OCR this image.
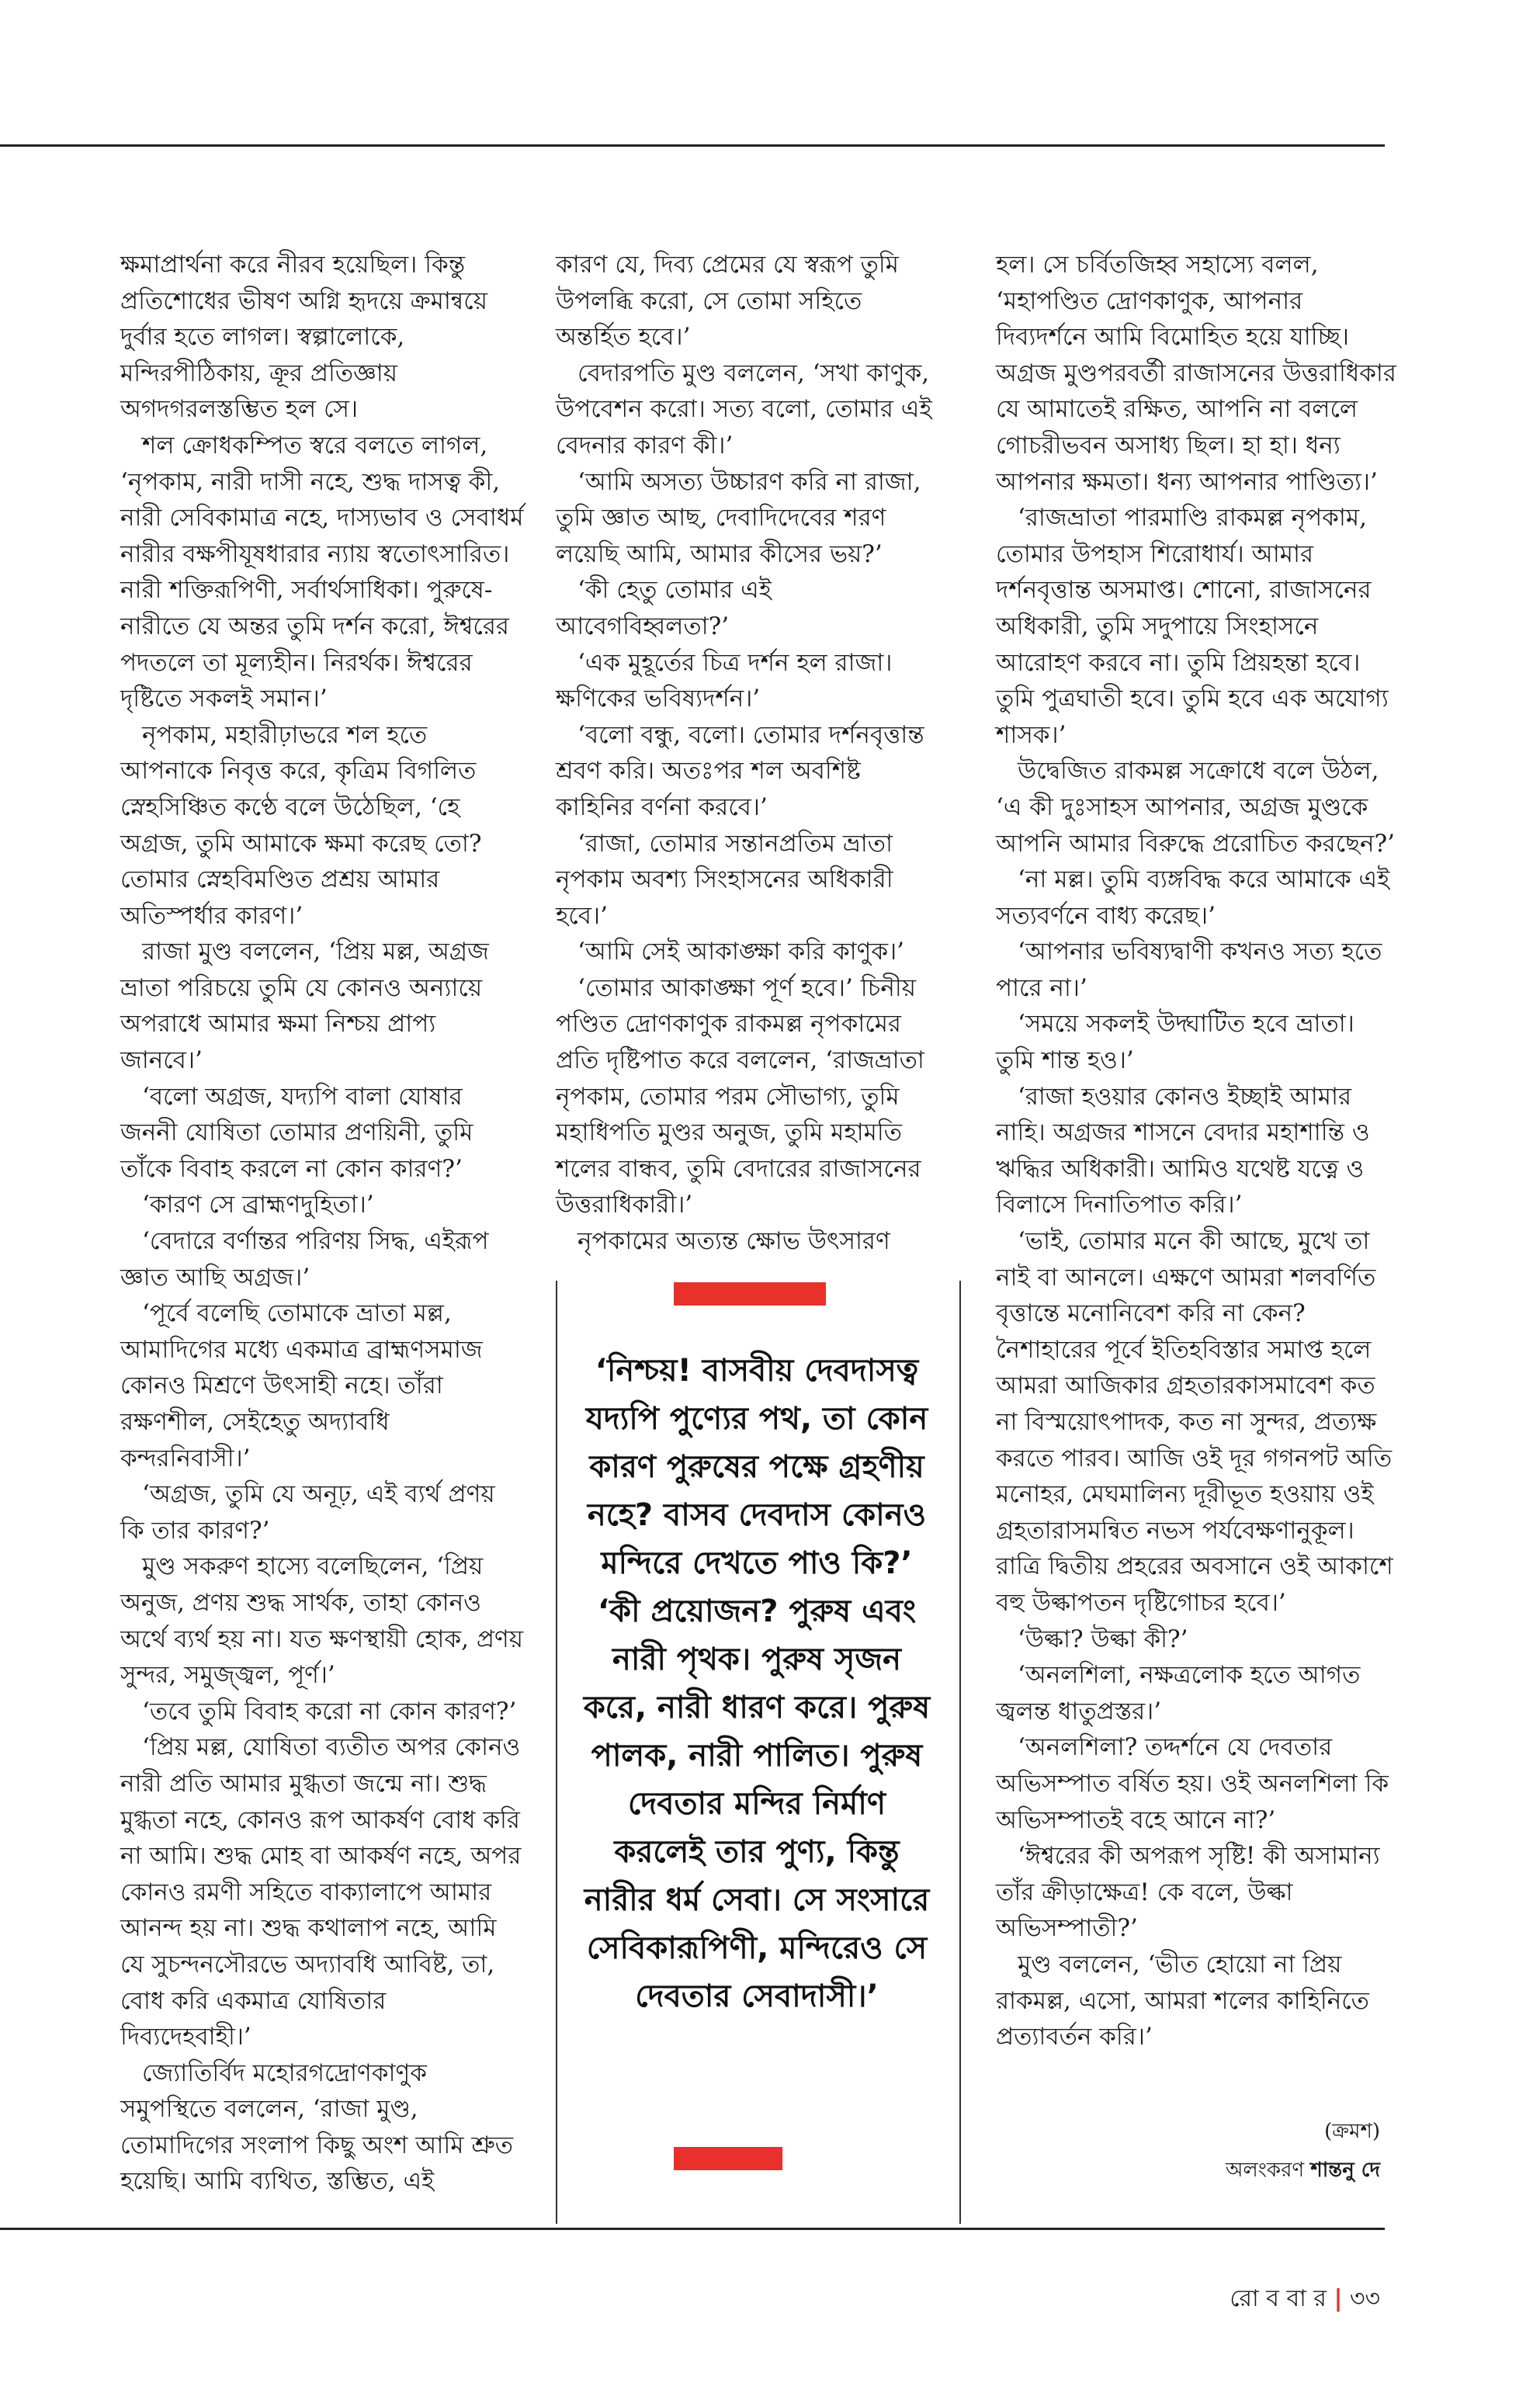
ক্ষমাপ্রার্থনা করে নীরব হয়েছিল। কিন্তু প্রতিশোধের ভীষণ অগ্নি হৃদয়ে ক্রমান্বয়ে দুর্বার হতে লাগল। স্বল্পালোকে, মন্দিরপীঠিকায়, ক্রূর প্রতিজ্ঞায় অগদগরলস্তম্ভিত হল সে।

শল ক্রোধকম্পিত স্বরে বলতে লাগল, ‘নৃপকাম, নারী দাসী নহে, শুদ্ধ দাসত্ব কী, নারী সেবিকামাত্র নহে, দাস্যভাব ও সেবাধর্ম নারীর বক্ষপীযূষধারার ন্যায় স্বতোৎসারিত। নারী শক্তিরূপিণী, সর্বার্থসাধিকা। পুরুষে-নারীতে যে অন্তর তুমি দর্শন করো, ঈশ্বরের পদতলে তা মূল্যহীন। নিরর্থক। ঈশ্বরের দৃষ্টিতে সকলই সমান।’

নৃপকাম, মহারীঢ়াভরে শল হতে আপনাকে নিবৃত্ত করে, কৃত্রিম বিগলিত স্নেহসিঞ্চিত কণ্ঠে বলে উঠেছিল, ‘হে অগ্রজ, তুমি আমাকে ক্ষমা করেছ তো? তোমার স্নেহবিমণ্ডিত প্রশ্রয় আমার অতিস্পর্ধার কারণ।’

রাজা মুণ্ড বললেন, ‘প্রিয় মল্ল, অগ্রজ ভ্রাতা পরিচয়ে তুমি যে কোনও অন্যায়ে অপরাধে আমার ক্ষমা নিশ্চয় প্রাপ্য জানবে।’

‘বলো অগ্রজ, যদ্যপি বালা যোষার জননী যোষিতা তোমার প্রণয়িনী, তুমি তাঁকে বিবাহ করলে না কোন কারণ?’

‘কারণ সে ব্রাহ্মণদুহিতা।’

‘বেদারে বর্ণান্তর পরিণয় সিদ্ধ, এইরূপ জ্ঞাত আছি অগ্রজ।’

‘পূর্বে বলেছি তোমাকে ভ্রাতা মল্ল, আমাদিগের মধ্যে একমাত্র ব্রাহ্মণসমাজ কোনও মিশ্রণে উৎসাহী নহে। তাঁরা রক্ষণশীল, সেইহেতু অদ্যাবধি কন্দরনিবাসী।’

‘অগ্রজ, তুমি যে অনূঢ়, এই ব্যর্থ প্রণয় কি তার কারণ?’

মুণ্ড সকরুণ হাস্যে বলেছিলেন, ‘প্রিয় অনুজ, প্রণয় শুদ্ধ সার্থক, তাহা কোনও অর্থে ব্যর্থ হয় না। যত ক্ষণস্থায়ী হোক, প্রণয় সুন্দর, সমুজ্জ্বল, পূর্ণ।’

‘তবে তুমি বিবাহ করো না কোন কারণ?’

‘প্রিয় মল্ল, যোষিতা ব্যতীত অপর কোনও নারী প্রতি আমার মুগ্ধতা জন্মে না। শুদ্ধ মুগ্ধতা নহে, কোনও রূপ আকর্ষণ বোধ করি না আমি। শুদ্ধ মোহ বা আকর্ষণ নহে, অপর কোনও রমণী সহিতে বাক্যালাপে আমার আনন্দ হয় না। শুদ্ধ কথালাপ নহে, আমি যে সুচন্দনসৌরভে অদ্যাবধি আবিষ্ট, তা, বোধ করি একমাত্র যোষিতার দিব্যদেহবাহী।’

জ্যোতির্বিদ মহোরগদ্রোণকাণুক সমুপস্থিতে বললেন, ‘রাজা মুণ্ড, তোমাদিগের সংলাপ কিছু অংশ আমি শ্রুত হয়েছি। আমি ব্যথিত, স্তম্ভিত, এই

কারণ যে, দিব্য প্রেমের যে স্বরূপ তুমি উপলব্ধি করো, সে তোমা সহিতে অন্তর্হিত হবে।’

বেদারপতি মুণ্ড বললেন, ‘সখা কাণুক, উপবেশন করো। সত্য বলো, তোমার এই বেদনার কারণ কী।’

‘আমি অসত্য উচ্চারণ করি না রাজা, তুমি জ্ঞাত আছ, দেবাদিদেবের শরণ লয়েছি আমি, আমার কীসের ভয়?’

‘কী হেতু তোমার এই আবেগবিহ্বলতা?’

‘এক মুহূর্তের চিত্র দর্শন হল রাজা। ক্ষণিকের ভবিষ্যদর্শন।’

‘বলো বন্ধু, বলো। তোমার দর্শনবৃত্তান্ত শ্রবণ করি। অতঃপর শল অবশিষ্ট কাহিনির বর্ণনা করবে।’

‘রাজা, তোমার সন্তানপ্রতিম ভ্রাতা নৃপকাম অবশ্য সিংহাসনের অধিকারী হবে।’

‘আমি সেই আকাঙ্ক্ষা করি কাণুক।’

‘তোমার আকাঙ্ক্ষা পূর্ণ হবে।’ চিনীয় পণ্ডিত দ্রোণকাণুক রাকমল্ল নৃপকামের প্রতি দৃষ্টিপাত করে বললেন, ‘রাজভ্রাতা নৃপকাম, তোমার পরম সৌভাগ্য, তুমি মহাধিপতি মুণ্ডর অনুজ, তুমি মহামতি শলের বান্ধব, তুমি বেদারের রাজাসনের উত্তরাধিকারী।’

নৃপকামের অত্যন্ত ক্ষোভ উৎসারণ

হল। সে চর্বিতজিহ্ব সহাস্যে বলল, ‘মহাপণ্ডিত দ্রোণকাণুক, আপনার দিব্যদর্শনে আমি বিমোহিত হয়ে যাচ্ছি। অগ্রজ মুণ্ডপরবর্তী রাজাসনের উত্তরাধিকার যে আমাতেই রক্ষিত, আপনি না বললে গোচরীভবন অসাধ্য ছিল। হা হা। ধন্য আপনার ক্ষমতা। ধন্য আপনার পাণ্ডিত্য।’

‘রাজভ্রাতা পারমাণ্ডি রাকমল্ল নৃপকাম, তোমার উপহাস শিরোধার্য। আমার দর্শনবৃত্তান্ত অসমাপ্ত। শোনো, রাজাসনের অধিকারী, তুমি সদুপায়ে সিংহাসনে আরোহণ করবে না। তুমি প্রিয়হন্তা হবে। তুমি পুত্রঘাতী হবে। তুমি হবে এক অযোগ্য শাসক।’

উদ্বেজিত রাকমল্ল সক্রোধে বলে উঠল, ‘এ কী দুঃসাহস আপনার, অগ্রজ মুণ্ডকে আপনি আমার বিরুদ্ধে প্ররোচিত করছেন?’

‘না মল্ল। তুমি ব্যঙ্গবিদ্ধ করে আমাকে এই সত্যবর্ণনে বাধ্য করেছ।’

‘আপনার ভবিষ্যদ্বাণী কখনও সত্য হতে পারে না।’

‘সময়ে সকলই উদ্ঘাটিত হবে ভ্রাতা। তুমি শান্ত হও।’

‘রাজা হওয়ার কোনও ইচ্ছাই আমার নাহি। অগ্রজর শাসনে বেদার মহাশান্তি ও ঋদ্ধির অধিকারী। আমিও যথেষ্ট যত্নে ও বিলাসে দিনাতিপাত করি।’

‘ভাই, তোমার মনে কী আছে, মুখে তা নাই বা আনলে। এক্ষণে আমরা শলবর্ণিত বৃত্তান্তে মনোনিবেশ করি না কেন? নৈশাহারের পূর্বে ইতিহবিস্তার সমাপ্ত হলে আমরা আজিকার গ্রহতারকাসমাবেশ কত না বিস্ময়োৎপাদক, কত না সুন্দর, প্রত্যক্ষ করতে পারব। আজি ওই দূর গগনপট অতি মনোহর, মেঘমালিন্য দূরীভূত হওয়ায় ওই গ্রহতারাসমন্বিত নভস পর্যবেক্ষণানুকূল। রাত্রি দ্বিতীয় প্রহরের অবসানে ওই আকাশে বহু উল্কাপতন দৃষ্টিগোচর হবে।’

‘উল্কা? উল্কা কী?’

‘অনলশিলা, নক্ষত্রলোক হতে আগত জ্বলন্ত ধাতুপ্রস্তর।’

‘অনলশিলা? তদ্দর্শনে যে দেবতার অভিসম্পাত বর্ষিত হয়। ওই অনলশিলা কি অভিসম্পাতই বহে আনে না?’

‘ঈশ্বরের কী অপরূপ সৃষ্টি! কী অসামান্য তাঁর ক্রীড়াক্ষেত্র! কে বলে, উল্কা অভিসম্পাতী?’

মুণ্ড বললেন, ‘ভীত হোয়ো না প্রিয় রাকমল্ল, এসো, আমরা শলের কাহিনিতে প্রত্যাবর্তন করি।’

‘নিশ্চয়! বাসবীয় দেবদাসত্ব যদ্যপি পুণ্যের পথ, তা কোন কারণ পুরুষের পক্ষে গ্রহণীয় নহে? বাসব দেবদাস কোনও মন্দিরে দেখতে পাও কি?’

‘কী প্রয়োজন? পুরুষ এবং নারী পৃথক। পুরুষ সৃজন করে, নারী ধারণ করে। পুরুষ পালক, নারী পালিত। পুরুষ দেবতার মন্দির নির্মাণ করলেই তার পুণ্য, কিন্তু নারীর ধর্ম সেবা। সে সংসারে সেবিকারূপিণী, মন্দিরেও সে দেবতার সেবাদাসী।’

(ক্রমশ)
অলংকরণ শান্তনু দে
রো ব বা র | ৩৩
